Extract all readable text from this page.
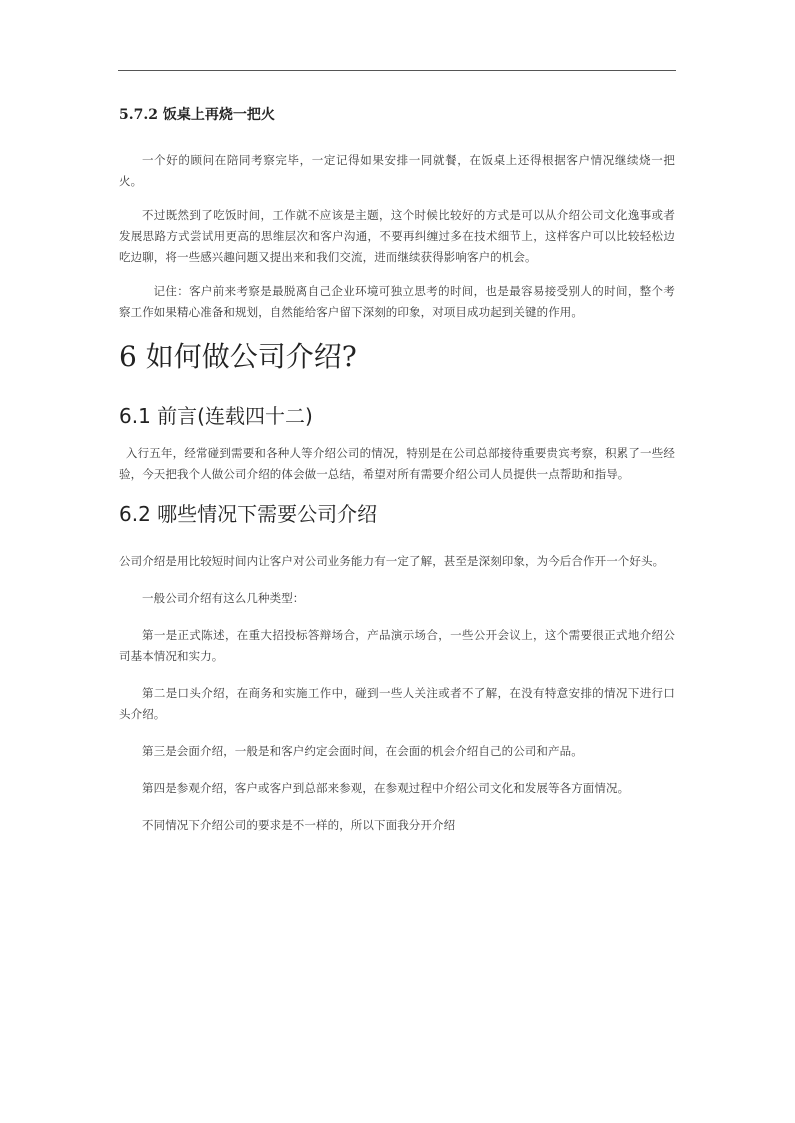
5.7.2 饭桌上再烧一把火

一个好的顾问在陪同考察完毕，一定记得如果安排一同就餐，在饭桌上还得根据客户情况继续烧一把火。

不过既然到了吃饭时间，工作就不应该是主题，这个时候比较好的方式是可以从介绍公司文化逸事或者发展思路方式尝试用更高的思维层次和客户沟通，不要再纠缠过多在技术细节上，这样客户可以比较轻松边吃边聊，将一些感兴趣问题又提出来和我们交流，进而继续获得影响客户的机会。

记住：客户前来考察是最脱离自己企业环境可独立思考的时间，也是最容易接受别人的时间，整个考察工作如果精心准备和规划，自然能给客户留下深刻的印象，对项目成功起到关键的作用。

6 如何做公司介绍?
6.1 前言(连载四十二)

入行五年，经常碰到需要和各种人等介绍公司的情况，特别是在公司总部接待重要贵宾考察，积累了一些经验，今天把我个人做公司介绍的体会做一总结，希望对所有需要介绍公司人员提供一点帮助和指导。

6.2 哪些情况下需要公司介绍

公司介绍是用比较短时间内让客户对公司业务能力有一定了解，甚至是深刻印象，为今后合作开一个好头。

一般公司介绍有这么几种类型：

第一是正式陈述，在重大招投标答辩场合，产品演示场合，一些公开会议上，这个需要很正式地介绍公司基本情况和实力。

第二是口头介绍，在商务和实施工作中，碰到一些人关注或者不了解，在没有特意安排的情况下进行口头介绍。

第三是会面介绍，一般是和客户约定会面时间，在会面的机会介绍自己的公司和产品。

第四是参观介绍，客户或客户到总部来参观，在参观过程中介绍公司文化和发展等各方面情况。

不同情况下介绍公司的要求是不一样的，所以下面我分开介绍
